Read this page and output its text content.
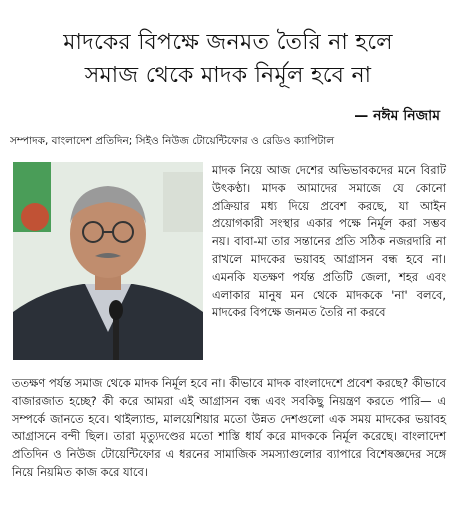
মাদকের বিপক্ষে জনমত তৈরি না হলে
সমাজ থেকে মাদক নির্মূল হবে না
— নঈম নিজাম
সম্পাদক, বাংলাদেশ প্রতিদিন; সিইও নিউজ টোয়েন্টিফোর ও রেডিও ক্যাপিটাল

মাদক নিয়ে আজ দেশের অভিভাবকদের মনে বিরাট উৎকণ্ঠা। মাদক আমাদের সমাজে যে কোনো প্রক্রিয়ার মধ্য দিয়ে প্রবেশ করছে, যা আইন প্রয়োগকারী সংস্থার একার পক্ষে নির্মূল করা সম্ভব নয়। বাবা-মা তার সন্তানের প্রতি সঠিক নজরদারি না রাখলে মাদকের ভয়াবহ আগ্রাসন বন্ধ হবে না। এমনকি যতক্ষণ পর্যন্ত প্রতিটি জেলা, শহর এবং এলাকার মানুষ মন থেকে মাদককে 'না' বলবে, মাদকের বিপক্ষে জনমত তৈরি না করবে

ততক্ষণ পর্যন্ত সমাজ থেকে মাদক নির্মূল হবে না। কীভাবে মাদক বাংলাদেশে প্রবেশ করছে? কীভাবে বাজারজাত হচ্ছে? কী করে আমরা এই আগ্রাসন বন্ধ এবং সবকিছু নিয়ন্ত্রণ করতে পারি— এ সম্পর্কে জানতে হবে। থাইল্যান্ড, মালয়েশিয়ার মতো উন্নত দেশগুলো এক সময় মাদকের ভয়াবহ আগ্রাসনে বন্দী ছিল। তারা মৃত্যুদণ্ডের মতো শাস্তি ধার্য করে মাদককে নির্মূল করেছে। বাংলাদেশ প্রতিদিন ও নিউজ টোয়েন্টিফোর এ ধরনের সামাজিক সমস্যাগুলোর ব্যাপারে বিশেষজ্ঞদের সঙ্গে নিয়ে নিয়মিত কাজ করে যাবে।
